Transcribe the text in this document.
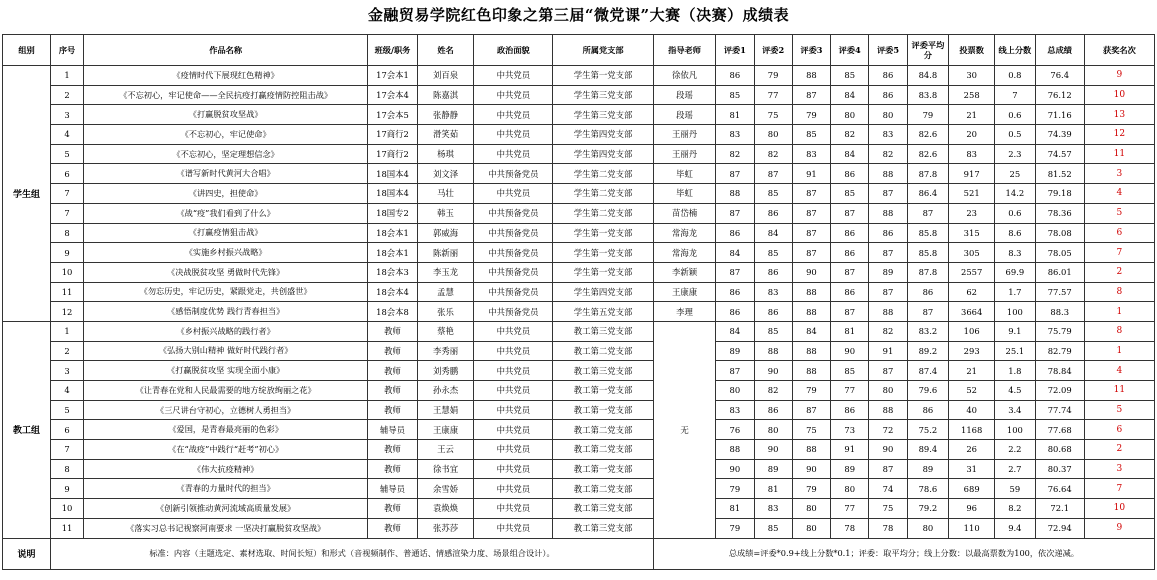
金融贸易学院红色印象之第三届“微党课”大赛（决赛）成绩表
组别	序号	作品名称	班级/职务	姓名	政治面貌	所属党支部	指导老师	评委1	评委2	评委3	评委4	评委5	评委平均分	投票数	线上分数	总成绩	获奖名次
学生组	1	《疫情时代下展现红色精神》	17会本1	刘百泉	中共党员	学生第一党支部	徐依凡	86	79	88	85	86	84.8	30	0.8	76.4	9
	2	《不忘初心，牢记使命——全民抗疫打赢疫情防控阻击战》	17会本4	陈嘉淇	中共党员	学生第三党支部	段瑶	85	77	87	84	86	83.8	258	7	76.12	10
	3	《打赢脱贫攻坚战》	17会本5	张静静	中共党员	学生第三党支部	段瑶	81	75	79	80	80	79	21	0.6	71.16	13
	4	《不忘初心，牢记使命》	17商行2	滑笑茹	中共党员	学生第四党支部	王丽丹	83	80	85	82	83	82.6	20	0.5	74.39	12
	5	《不忘初心，坚定理想信念》	17商行2	杨琪	中共党员	学生第四党支部	王丽丹	82	82	83	84	82	82.6	83	2.3	74.57	11
	6	《谱写新时代黄河大合唱》	18国本4	刘文泽	中共预备党员	学生第二党支部	毕虹	87	87	91	86	88	87.8	917	25	81.52	3
	7	《讲四史，担使命》	18国本4	马壮	中共党员	学生第二党支部	毕虹	88	85	87	85	87	86.4	521	14.2	79.18	4
	7	《战“疫”我们看到了什么》	18国专2	韩玉	中共预备党员	学生第二党支部	苗岱楠	87	86	87	87	88	87	23	0.6	78.36	5
	8	《打赢疫情狙击战》	18会本1	郭威海	中共预备党员	学生第一党支部	常海龙	86	84	87	86	86	85.8	315	8.6	78.08	6
	9	《实施乡村振兴战略》	18会本1	陈新丽	中共预备党员	学生第一党支部	常海龙	84	85	87	86	87	85.8	305	8.3	78.05	7
	10	《决战脱贫攻坚 勇做时代先锋》	18会本3	李玉龙	中共预备党员	学生第一党支部	李新颖	87	86	90	87	89	87.8	2557	69.9	86.01	2
	11	《勿忘历史，牢记历史，紧跟党走，共创盛世》	18会本4	孟慧	中共预备党员	学生第四党支部	王康康	86	83	88	86	87	86	62	1.7	77.57	8
	12	《感悟制度优势 践行青春担当》	18会本8	张乐	中共预备党员	学生第五党支部	李理	86	86	88	87	88	87	3664	100	88.3	1
教工组	1	《乡村振兴战略的践行者》	教师	蔡艳	中共党员	教工第三党支部	无	84	85	84	81	82	83.2	106	9.1	75.79	8
	2	《弘扬大别山精神 做好时代践行者》	教师	李秀丽	中共党员	教工第二党支部		89	88	88	90	91	89.2	293	25.1	82.79	1
	3	《打赢脱贫攻坚 实现全面小康》	教师	刘秀鹏	中共党员	教工第三党支部		87	90	88	85	87	87.4	21	1.8	78.84	4
	4	《让青春在党和人民最需要的地方绽放绚丽之花》	教师	孙永杰	中共党员	教工第一党支部		80	82	79	77	80	79.6	52	4.5	72.09	11
	5	《三尺讲台守初心，立德树人勇担当》	教师	王慧娟	中共党员	教工第一党支部		83	86	87	86	88	86	40	3.4	77.74	5
	6	《爱国，是青春最亮丽的色彩》	辅导员	王康康	中共党员	教工第二党支部		76	80	75	73	72	75.2	1168	100	77.68	6
	7	《在“战疫”中践行“赶考”初心》	教师	王云	中共党员	教工第二党支部		88	90	88	91	90	89.4	26	2.2	80.68	2
	8	《伟大抗疫精神》	教师	徐书宜	中共党员	教工第一党支部		90	89	90	89	87	89	31	2.7	80.37	3
	9	《青春的力量时代的担当》	辅导员	余雪娇	中共党员	教工第二党支部		79	81	79	80	74	78.6	689	59	76.64	7
	10	《创新引领推动黄河流域高质量发展》	教师	袁焕焕	中共党员	教工第三党支部		81	83	80	77	75	79.2	96	8.2	72.1	10
	11	《落实习总书记视察河南要求 一坚决打赢脱贫攻坚战》	教师	张苏莎	中共党员	教工第三党支部		79	85	80	78	78	80	110	9.4	72.94	9
说明	标准：内容（主题选定、素材选取、时间长短）和形式（音视频制作、普通话、情感渲染力度、场景组合设计）。						总成绩=评委*0.9+线上分数*0.1；评委：取平均分；线上分数：以最高票数为100，依次递减。										
